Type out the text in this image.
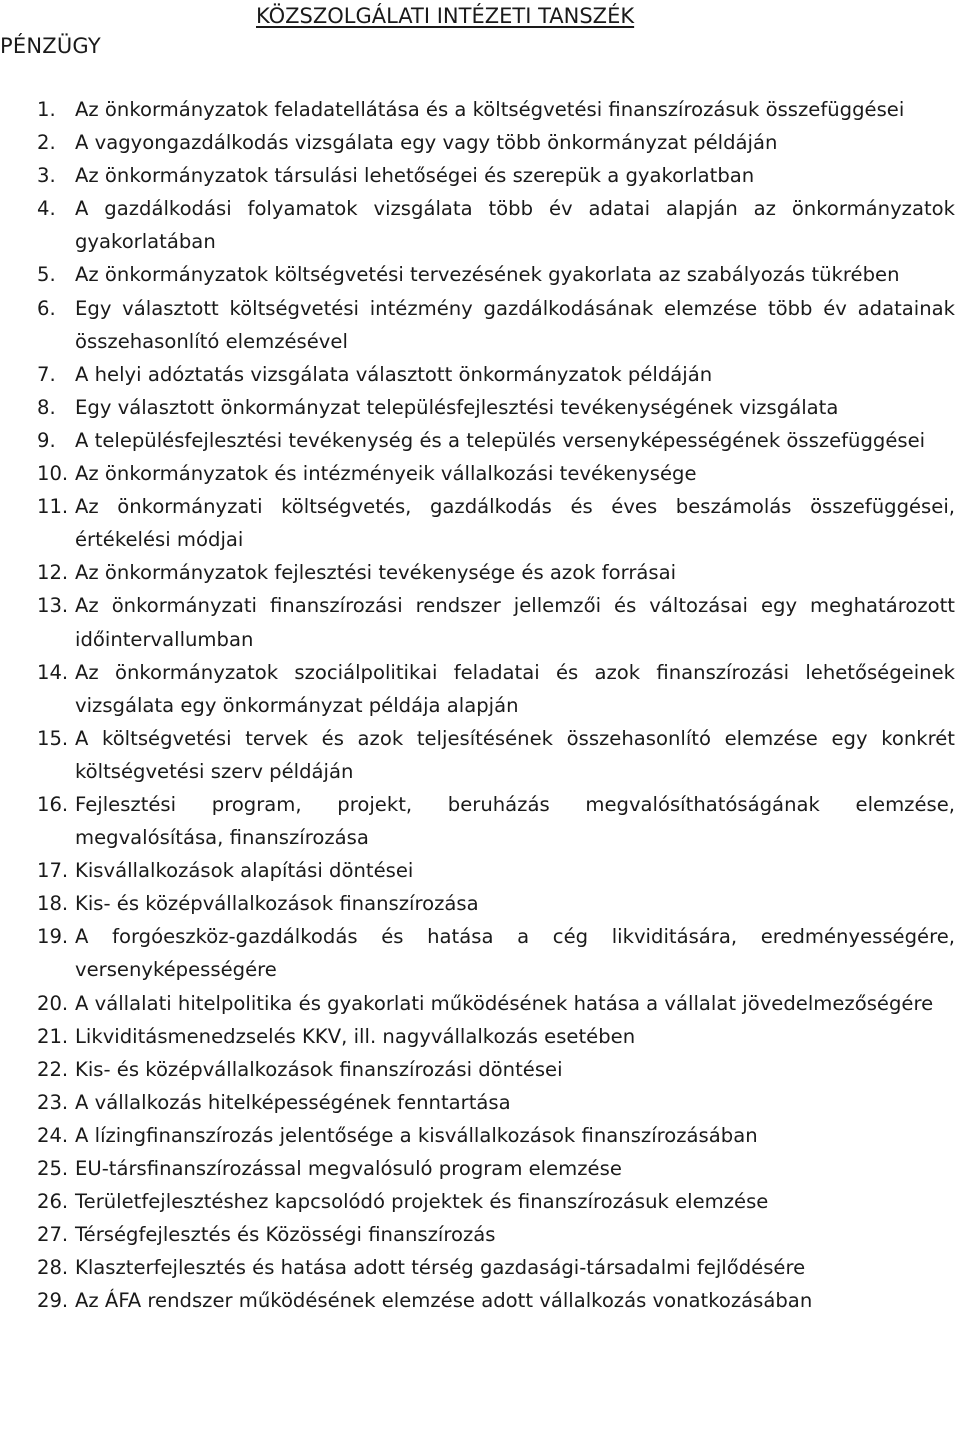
PÉNZÜGY
KÖZSZOLGÁLATI INTÉZETI TANSZÉK
1. Az önkormányzatok feladatellátása és a költségvetési finanszírozásuk összefüggései
2. A vagyongazdálkodás vizsgálata egy vagy több önkormányzat példáján
3. Az önkormányzatok társulási lehetőségei és szerepük a gyakorlatban
4. A gazdálkodási folyamatok vizsgálata több év adatai alapján az önkormányzatok gyakorlatában
5. Az önkormányzatok költségvetési tervezésének gyakorlata az szabályozás tükrében
6. Egy választott költségvetési intézmény gazdálkodásának elemzése több év adatainak összehasonlító elemzésével
7. A helyi adóztatás vizsgálata választott önkormányzatok példáján
8. Egy választott önkormányzat településfejlesztési tevékenységének vizsgálata
9. A településfejlesztési tevékenység és a település versenyképességének összefüggései
10. Az önkormányzatok és intézményeik vállalkozási tevékenysége
11. Az önkormányzati költségvetés, gazdálkodás és éves beszámolás összefüggései, értékelési módjai
12. Az önkormányzatok fejlesztési tevékenysége és azok forrásai
13. Az önkormányzati finanszírozási rendszer jellemzői és változásai egy meghatározott időintervallumban
14. Az önkormányzatok szociálpolitikai feladatai és azok finanszírozási lehetőségeinek vizsgálata egy önkormányzat példája alapján
15. A költségvetési tervek és azok teljesítésének összehasonlító elemzése egy konkrét költségvetési szerv példáján
16. Fejlesztési program, projekt, beruházás megvalósíthatóságának elemzése, megvalósítása, finanszírozása
17. Kisvállalkozások alapítási döntései
18. Kis- és középvállalkozások finanszírozása
19. A forgóeszköz-gazdálkodás és hatása a cég likviditására, eredményességére, versenyképességére
20. A vállalati hitelpolitika és gyakorlati működésének hatása a vállalat jövedelmezőségére
21. Likviditásmenedzselés KKV, ill. nagyvállalkozás esetében
22. Kis- és középvállalkozások finanszírozási döntései
23. A vállalkozás hitelképességének fenntartása
24. A lízingfinanszírozás jelentősége a kisvállalkozások finanszírozásában
25. EU-társfinanszírozással megvalósuló program elemzése
26. Területfejlesztéshez kapcsolódó projektek és finanszírozásuk elemzése
27. Térségfejlesztés és Közösségi finanszírozás
28. Klaszterfejlesztés és hatása adott térség gazdasági-társadalmi fejlődésére
29. Az ÁFA rendszer működésének elemzése adott vállalkozás vonatkozásában
